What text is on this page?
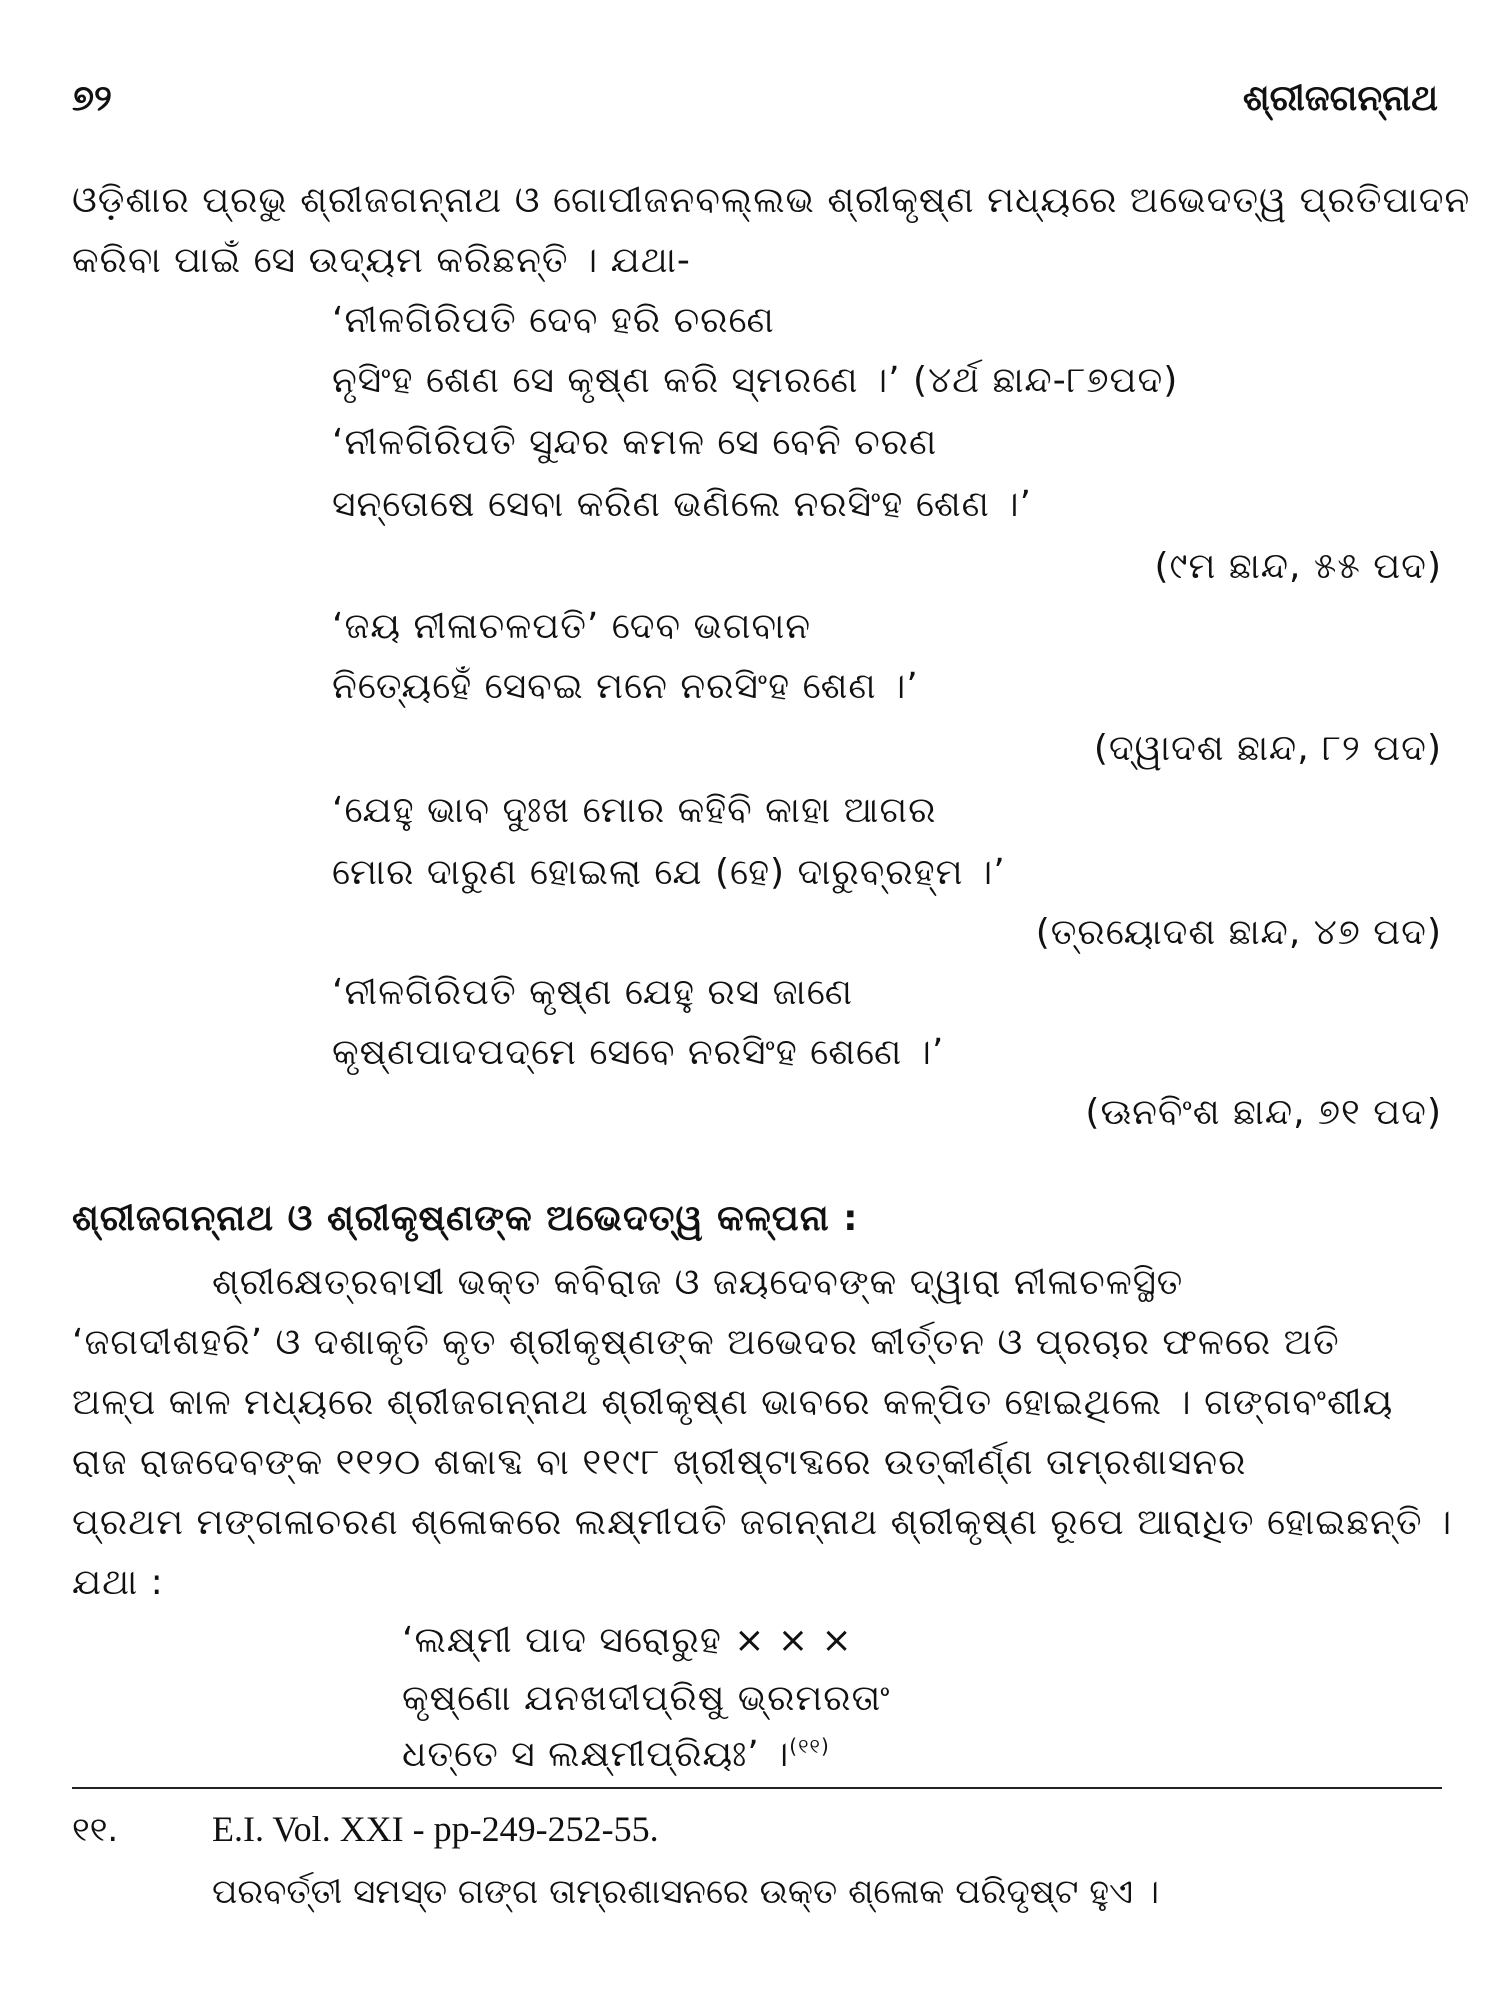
୭୨	ଶ୍ରୀଜଗନ୍ନାଥ
ଓଡ଼ିଶାର ପ୍ରଭୁ ଶ୍ରୀଜଗନ୍ନାଥ ଓ ଗୋପୀଜନବଲ୍ଲଭ ଶ୍ରୀକୃଷ୍ଣ ମଧ୍ୟରେ ଅଭେଦତ୍ୱ ପ୍ରତିପାଦନ
କରିବା ପାଇଁ ସେ ଉଦ୍ୟମ କରିଛନ୍ତି । ଯଥା-
‘ନୀଳଗିରିପତି ଦେବ ହରି ଚରଣେ
ନୃସିଂହ ଶେଣ ସେ କୃଷ୍ଣ କରି ସ୍ମରଣେ ।’ (୪ର୍ଥ ଛାନ୍ଦ-୮୭ପଦ)
‘ନୀଳଗିରିପତି ସୁନ୍ଦର କମଳ ସେ ବେନି ଚରଣ
ସନ୍ତୋଷେ ସେବା କରିଣ ଭଣିଲେ ନରସିଂହ ଶେଣ ।’
(୯ମ ଛାନ୍ଦ, ୫୫ ପଦ)
‘ଜୟ ନୀଳାଚଳପତି’ ଦେବ ଭଗବାନ
ନିତ୍ୟେହେଁ ସେବଇ ମନେ ନରସିଂହ ଶେଣ ।’
(ଦ୍ୱାଦଶ ଛାନ୍ଦ, ୮୨ ପଦ)
‘ଯେହୁ ଭାବ ଦୁଃଖ ମୋର କହିବି କାହା ଆଗର
ମୋର ଦାରୁଣ ହୋଇଲା ଯେ (ହେ) ଦାରୁବ୍ରହ୍ମ ।’
(ତ୍ରୟୋଦଶ ଛାନ୍ଦ, ୪୭ ପଦ)
‘ନୀଳଗିରିପତି କୃଷ୍ଣ ଯେହୁ ରସ ଜାଣେ
କୃଷ୍ଣପାଦପଦ୍ମେ ସେବେ ନରସିଂହ ଶେଣେ ।’
(ଊନବିଂଶ ଛାନ୍ଦ, ୭୧ ପଦ)
ଶ୍ରୀଜଗନ୍ନାଥ ଓ ଶ୍ରୀକୃଷ୍ଣଙ୍କ ଅଭେଦତ୍ୱ କଳ୍ପନା :
ଶ୍ରୀକ୍ଷେତ୍ରବାସୀ ଭକ୍ତ କବିରାଜ ଓ ଜୟଦେବଙ୍କ ଦ୍ୱାରା ନୀଳାଚଳସ୍ଥିତ
‘ଜଗଦୀଶହରି’ ଓ ଦଶାକୃତି କୃତ ଶ୍ରୀକୃଷ୍ଣଙ୍କ ଅଭେଦର କୀର୍ତ୍ତନ ଓ ପ୍ରଚାର ଫଳରେ ଅତି
ଅଳ୍ପ କାଳ ମଧ୍ୟରେ ଶ୍ରୀଜଗନ୍ନାଥ ଶ୍ରୀକୃଷ୍ଣ ଭାବରେ କଳ୍ପିତ ହୋଇଥିଲେ । ଗଙ୍ଗବଂଶୀୟ
ରାଜ ରାଜଦେବଙ୍କ ୧୧୨୦ ଶକାବ୍ଦ ବା ୧୧୯୮ ଖ୍ରୀଷ୍ଟାବ୍ଦରେ ଉତ୍କୀର୍ଣ୍ଣ ତାମ୍ରଶାସନର
ପ୍ରଥମ ମଙ୍ଗଳାଚରଣ ଶ୍ଳୋକରେ ଲକ୍ଷ୍ମୀପତି ଜଗନ୍ନାଥ ଶ୍ରୀକୃଷ୍ଣ ରୂପେ ଆରାଧିତ ହୋଇଛନ୍ତି ।
ଯଥା :
‘ଲକ୍ଷ୍ମୀ ପାଦ ସରୋରୁହ × × ×
କୃଷ୍ଣୋ ଯନଖଦୀପ୍ରିଷୁ ଭ୍ରମରତାଂ
ଧତ୍ତେ ସ ଲକ୍ଷ୍ମୀପ୍ରିୟଃ’ ।$^{(୧୧)}$
୧୧.	E.I. Vol. XXI - pp-249-252-55.
ପରବର୍ତ୍ତୀ ସମସ୍ତ ଗଙ୍ଗ ତାମ୍ରଶାସନରେ ଉକ୍ତ ଶ୍ଳୋକ ପରିଦୃଷ୍ଟ ହୁଏ ।
